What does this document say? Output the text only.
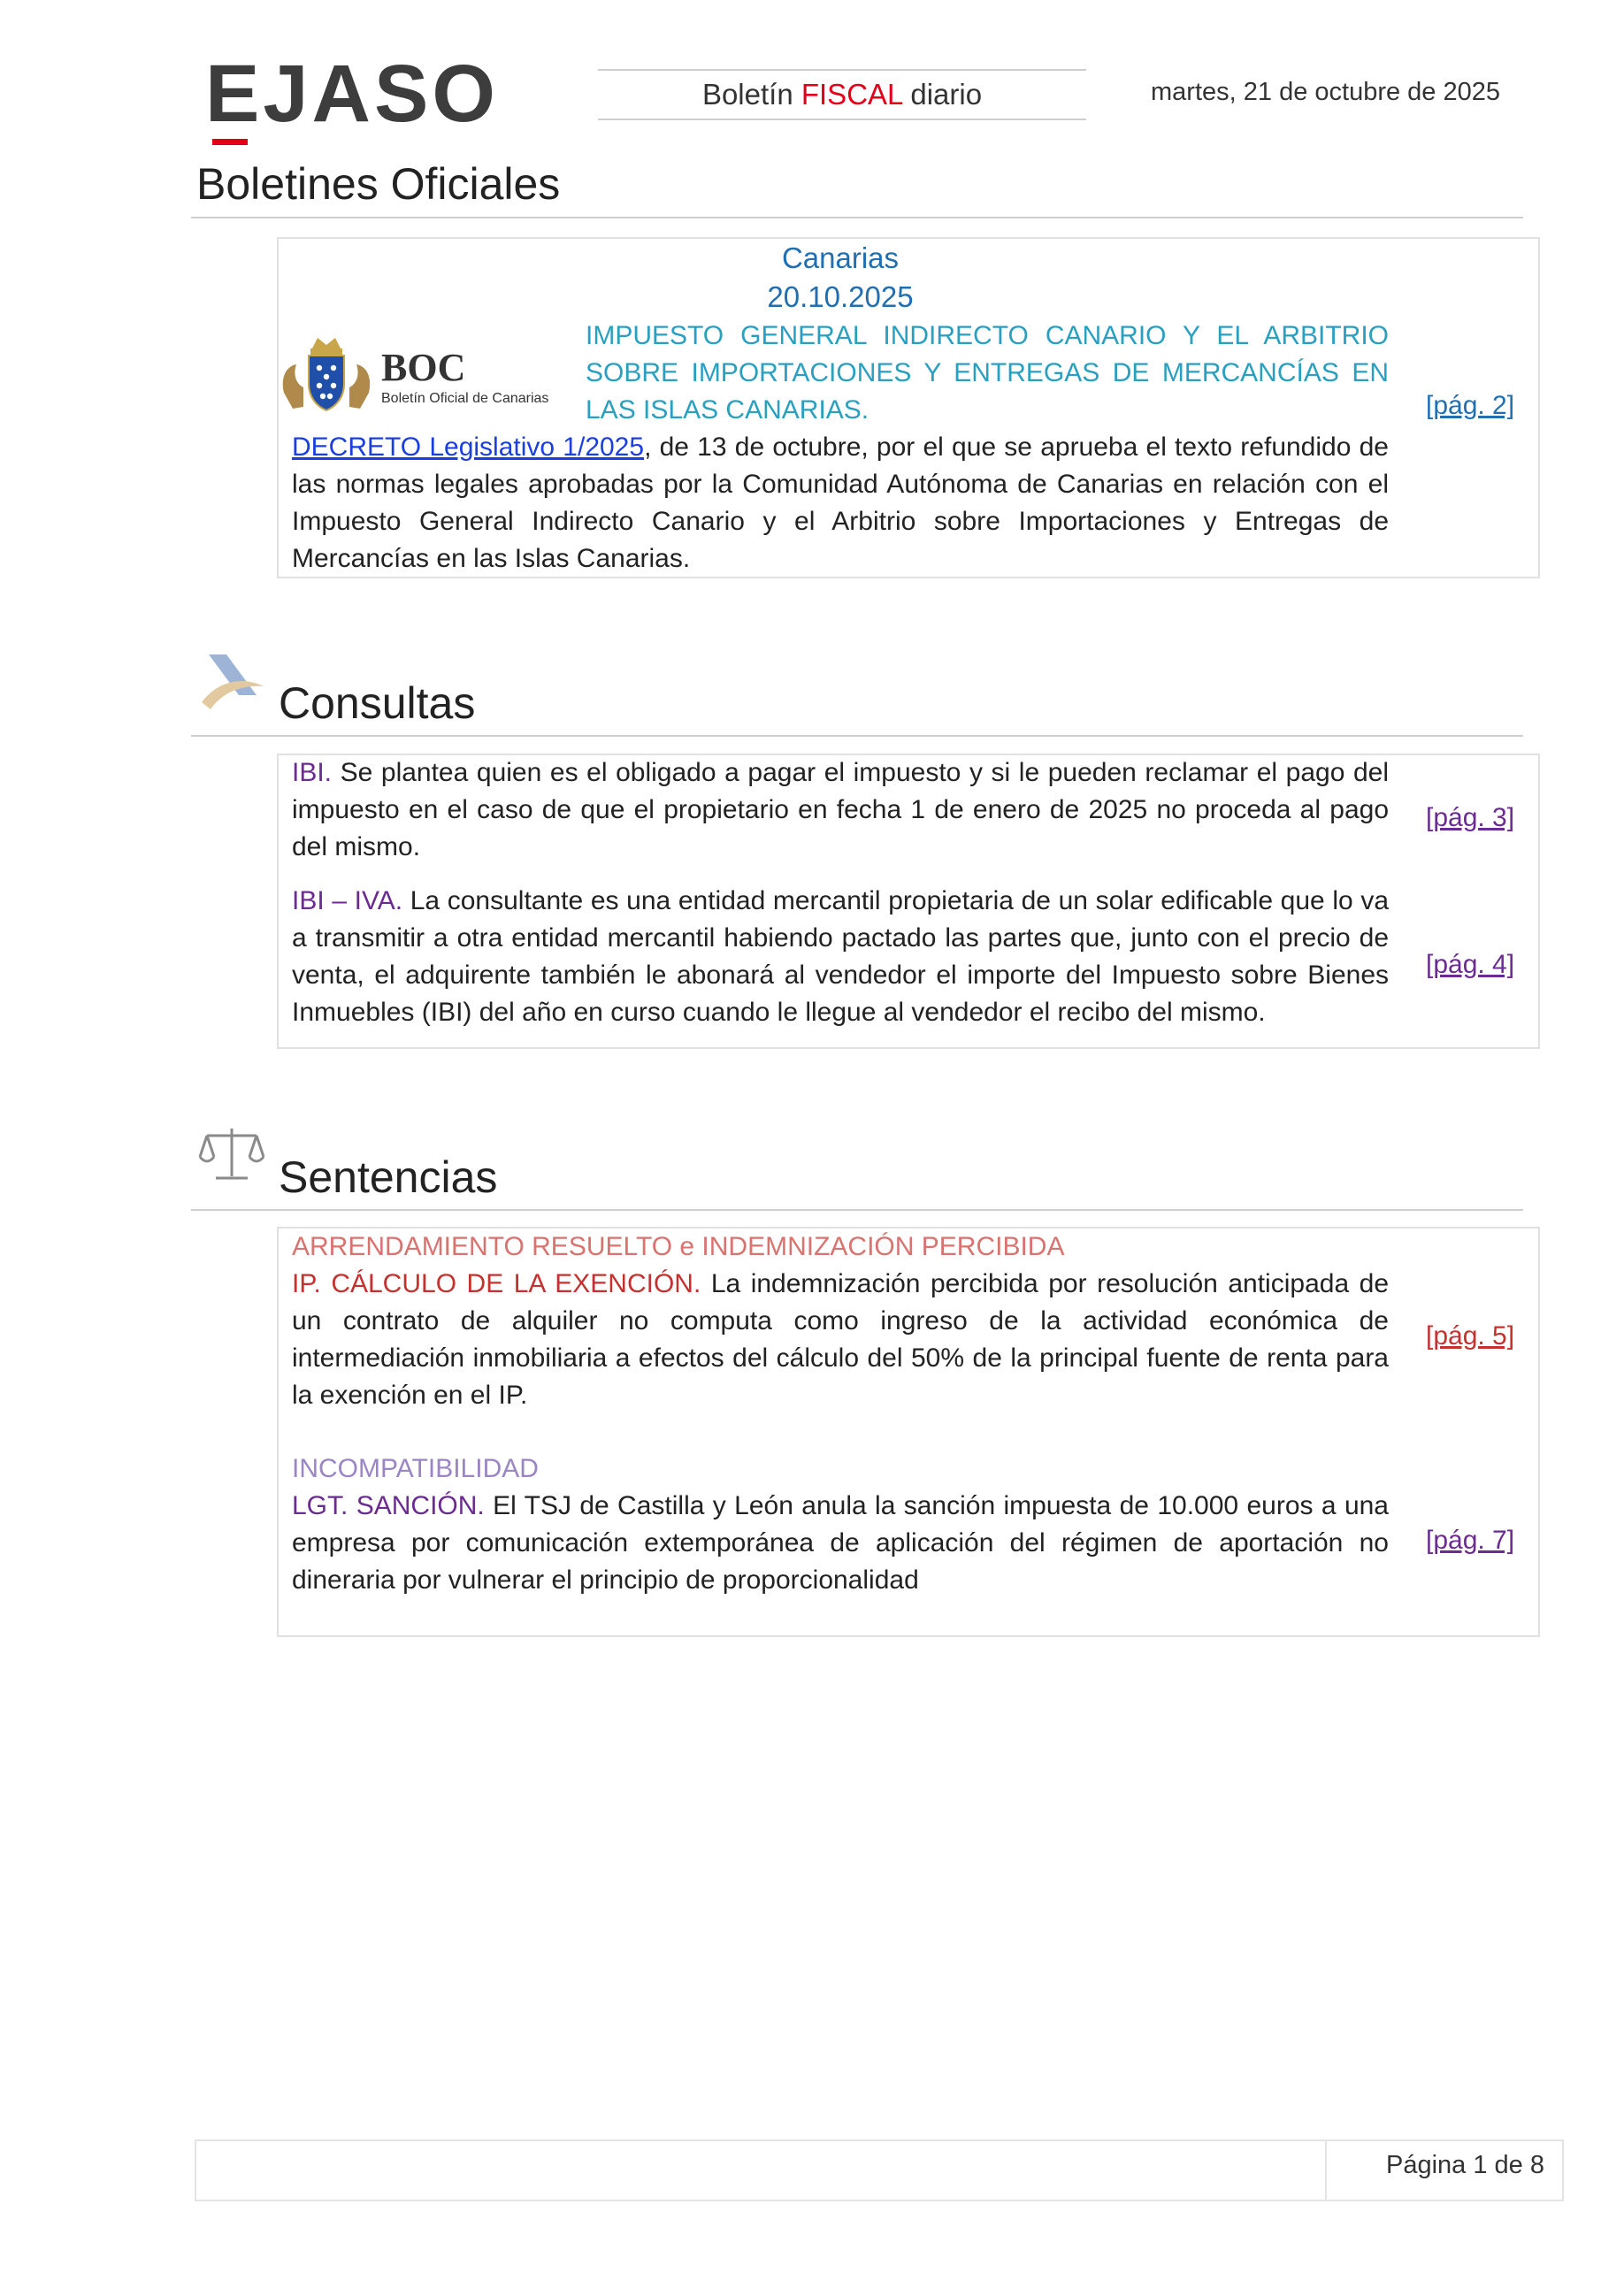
EJASO	Boletín FISCAL diario	martes, 21 de octubre de 2025
Boletines Oficiales
Canarias
20.10.2025
BOC
Boletín Oficial de Canarias
IMPUESTO GENERAL INDIRECTO CANARIO Y EL ARBITRIO SOBRE IMPORTACIONES Y ENTREGAS DE MERCANCÍAS EN LAS ISLAS CANARIAS.
DECRETO Legislativo 1/2025, de 13 de octubre, por el que se aprueba el texto refundido de las normas legales aprobadas por la Comunidad Autónoma de Canarias en relación con el Impuesto General Indirecto Canario y el Arbitrio sobre Importaciones y Entregas de Mercancías en las Islas Canarias.
[pág. 2]
Consultas
IBI. Se plantea quien es el obligado a pagar el impuesto y si le pueden reclamar el pago del impuesto en el caso de que el propietario en fecha 1 de enero de 2025 no proceda al pago del mismo.
[pág. 3]
IBI – IVA. La consultante es una entidad mercantil propietaria de un solar edificable que lo va a transmitir a otra entidad mercantil habiendo pactado las partes que, junto con el precio de venta, el adquirente también le abonará al vendedor el importe del Impuesto sobre Bienes Inmuebles (IBI) del año en curso cuando le llegue al vendedor el recibo del mismo.
[pág. 4]
Sentencias
ARRENDAMIENTO RESUELTO e INDEMNIZACIÓN PERCIBIDA
IP. CÁLCULO DE LA EXENCIÓN. La indemnización percibida por resolución anticipada de un contrato de alquiler no computa como ingreso de la actividad económica de intermediación inmobiliaria a efectos del cálculo del 50% de la principal fuente de renta para la exención en el IP.
[pág. 5]
INCOMPATIBILIDAD
LGT. SANCIÓN. El TSJ de Castilla y León anula la sanción impuesta de 10.000 euros a una empresa por comunicación extemporánea de aplicación del régimen de aportación no dineraria por vulnerar el principio de proporcionalidad
[pág. 7]
Página 1 de 8
